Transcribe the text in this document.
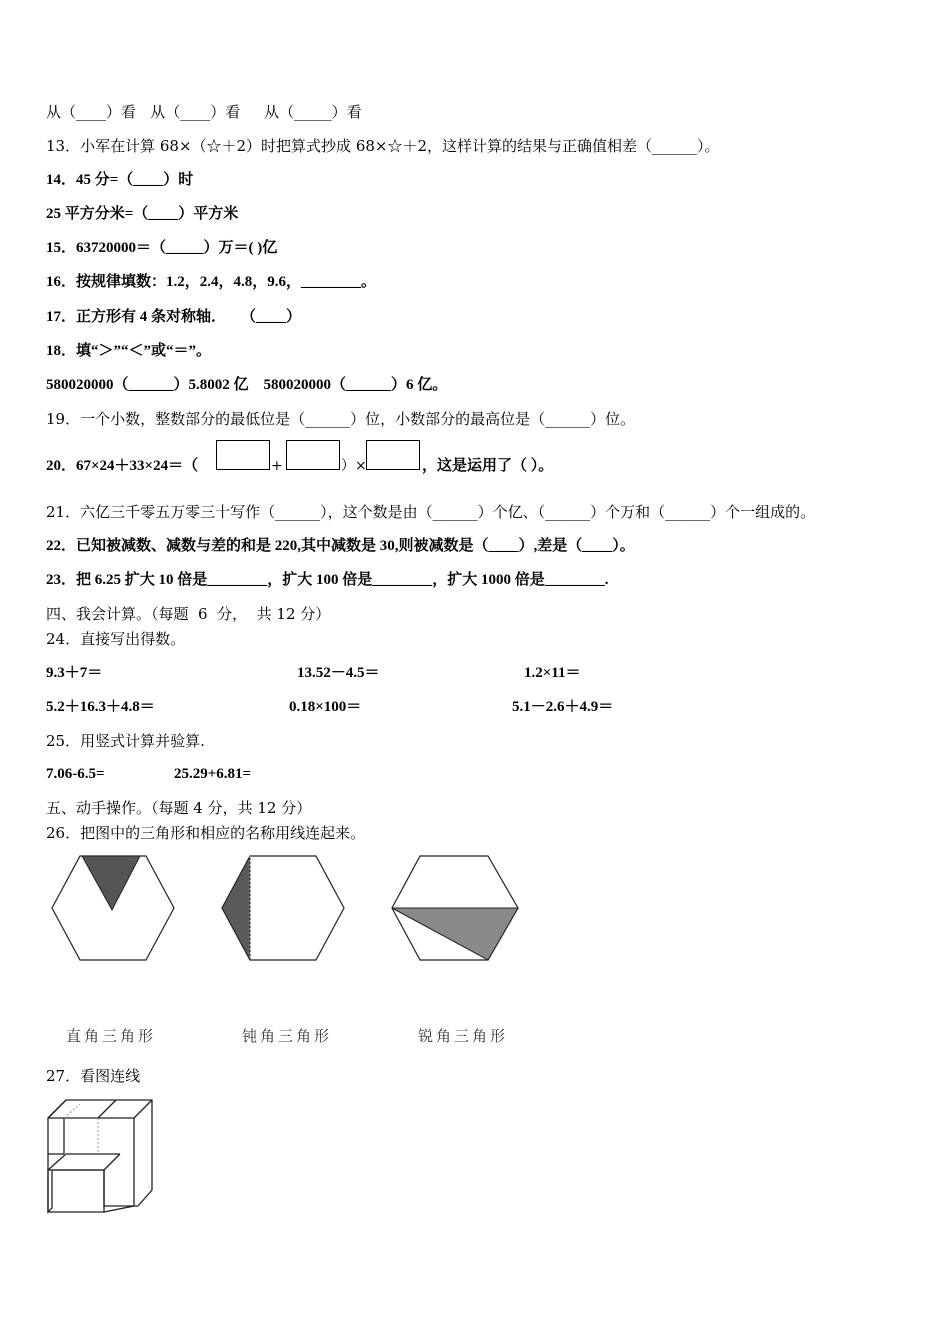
从（____）看   从（____）看     从（_____）看
13．小军在计算 68×（☆＋2）时把算式抄成 68×☆＋2，这样计算的结果与正确值相差（______）。
14．45 分=（____）时
25 平方分米=（____）平方米
15．63720000＝（_____）万＝( )亿
16．按规律填数：1.2，2.4，4.8，9.6，________。
17．正方形有 4 条对称轴．    （____）
18．填“＞”“＜”或“＝”。
580020000（______）5.8002 亿    580020000（______）6 亿。
19．一个小数，整数部分的最低位是（______）位，小数部分的最高位是（______）位。
20．67×24＋33×24＝（	+	）×	，这是运用了（ ）。
21．六亿三千零五万零三十写作（______），这个数是由（______）个亿、（______）个万和（______）个一组成的。
22．已知被减数、减数与差的和是 220,其中减数是 30,则被减数是（____）,差是（____）。
23．把 6.25 扩大 10 倍是________，扩大 100 倍是________，扩大 1000 倍是________.
四、我会计算。（每题  6  分，  共 12 分）
24．直接写出得数。
9.3＋7＝	13.52－4.5＝	1.2×11＝
5.2＋16.3＋4.8＝	0.18×100＝	5.1－2.6＋4.9＝
25．用竖式计算并验算.
7.06-6.5=	25.29+6.81=
五、动手操作。（每题 4 分，共 12 分）
26．把图中的三角形和相应的名称用线连起来。
直角三角形	钝角三角形	锐角三角形
27．看图连线
